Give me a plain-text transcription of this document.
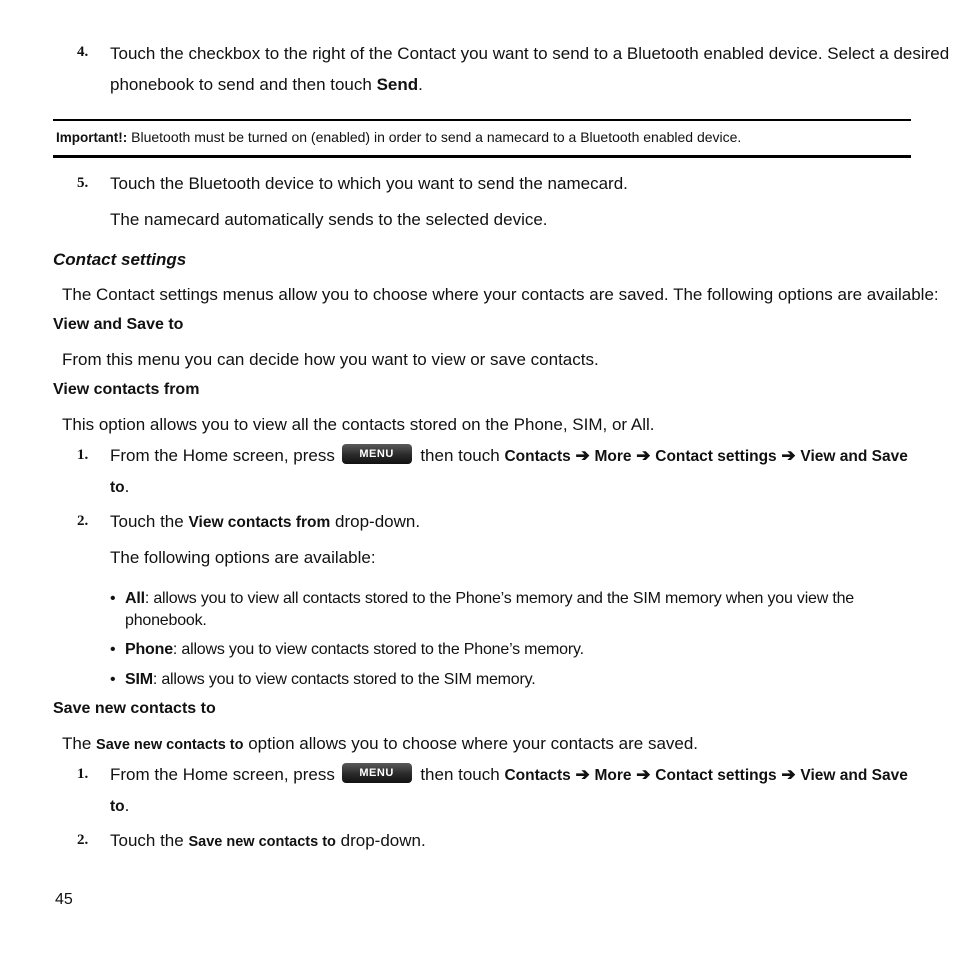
4. Touch the checkbox to the right of the Contact you want to send to a Bluetooth enabled device. Select a desired
phonebook to send and then touch Send.
Important!: Bluetooth must be turned on (enabled) in order to send a namecard to a Bluetooth enabled device.
5. Touch the Bluetooth device to which you want to send the namecard.
The namecard automatically sends to the selected device.
Contact settings
The Contact settings menus allow you to choose where your contacts are saved. The following options are available:
View and Save to
From this menu you can decide how you want to view or save contacts.
View contacts from
This option allows you to view all the contacts stored on the Phone, SIM, or All.
1. From the Home screen, press MENU then touch Contacts ➔ More ➔ Contact settings ➔ View and Save
to.
2. Touch the View contacts from drop-down.
The following options are available:
• All: allows you to view all contacts stored to the Phone’s memory and the SIM memory when you view the
phonebook.
• Phone: allows you to view contacts stored to the Phone’s memory.
• SIM: allows you to view contacts stored to the SIM memory.
Save new contacts to
The Save new contacts to option allows you to choose where your contacts are saved.
1. From the Home screen, press MENU then touch Contacts ➔ More ➔ Contact settings ➔ View and Save
to.
2. Touch the Save new contacts to drop-down.
45
